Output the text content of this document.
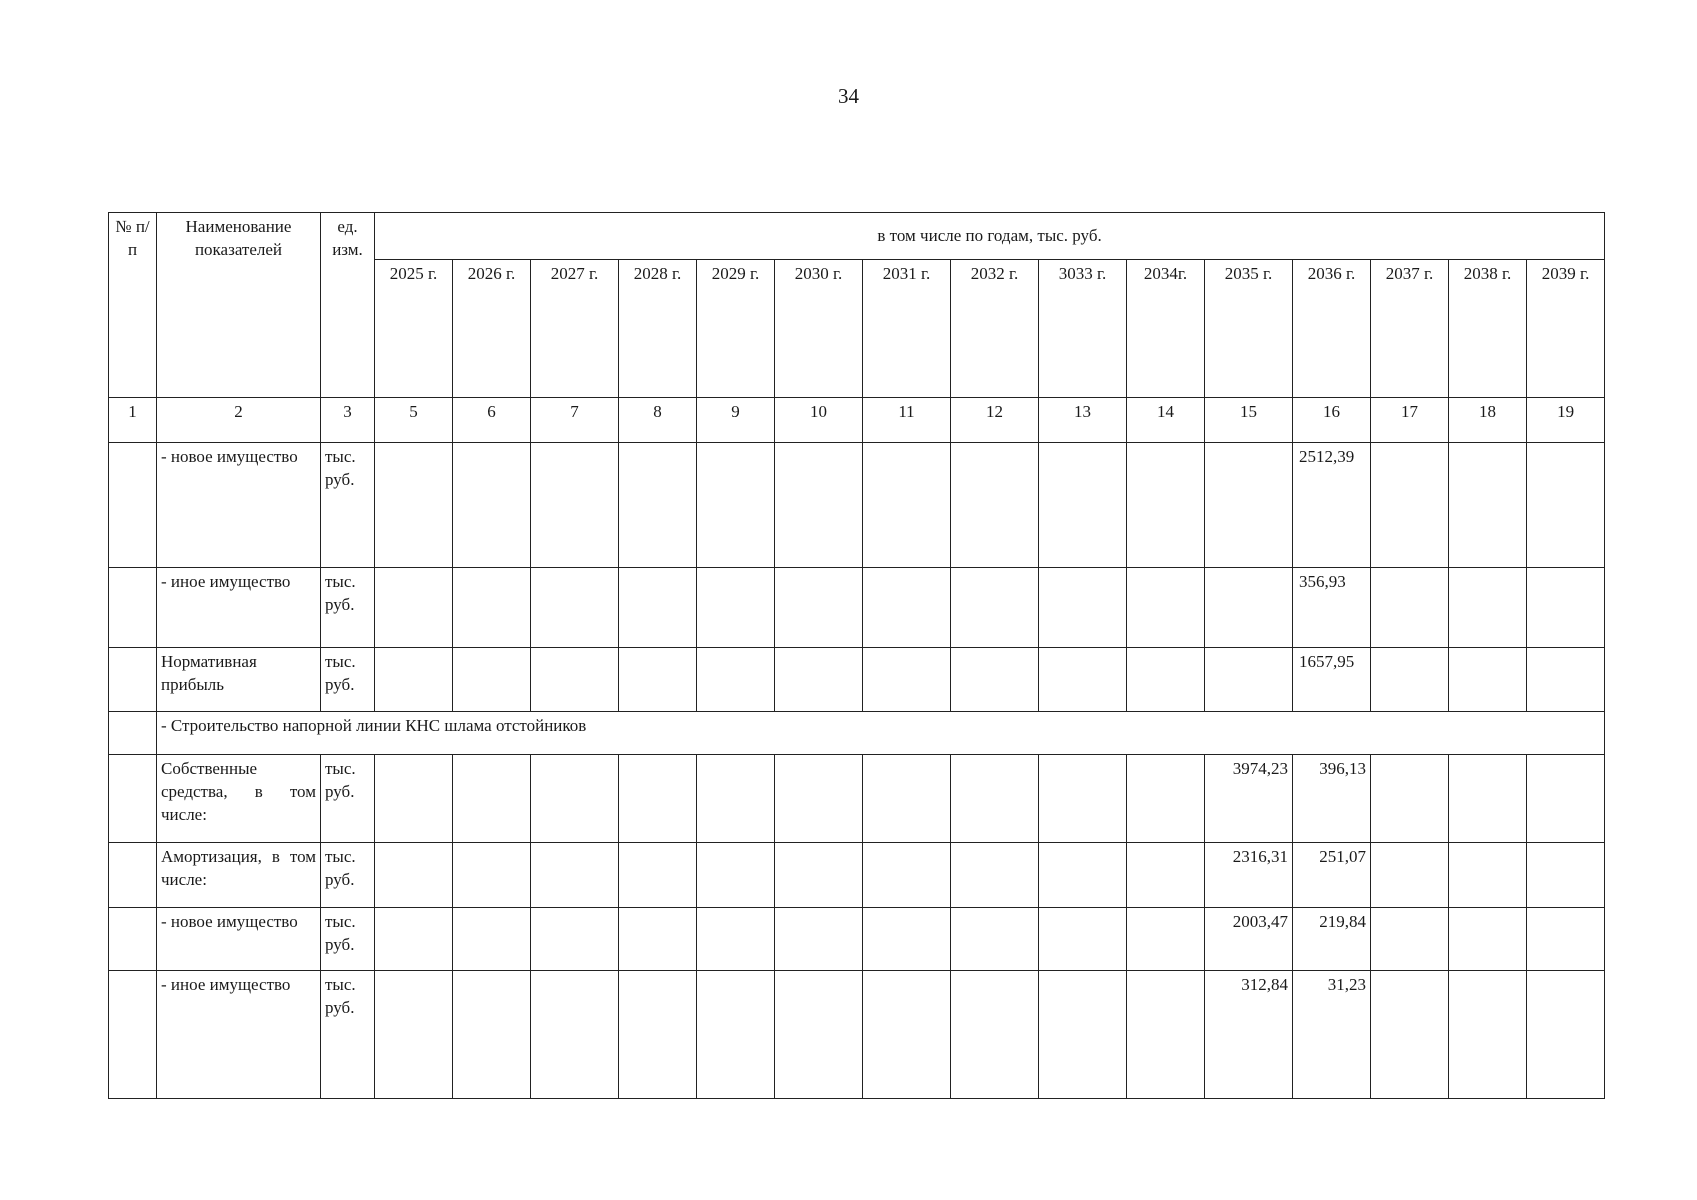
34
№ п/п	Наименование показателей	ед. изм.	в том числе по годам, тыс. руб.														
			2025 г.	2026 г.	2027 г.	2028 г.	2029 г.	2030 г.	2031 г.	2032 г.	3033 г.	2034г.	2035 г.	2036 г.	2037 г.	2038 г.	2039 г.
1	2	3	5	6	7	8	9	10	11	12	13	14	15	16	17	18	19
	- новое имущество	тыс. руб.												2512,39			
	- иное имущество	тыс. руб.												356,93			
	Нормативная прибыль	тыс. руб.												1657,95			
	- Строительство напорной линии КНС шлама отстойников																
	Собственные средства, в том числе:	тыс. руб.											3974,23	396,13			
	Амортизация, в том числе:	тыс. руб.											2316,31	251,07			
	- новое имущество	тыс. руб.											2003,47	219,84			
	- иное имущество	тыс. руб.											312,84	31,23			
